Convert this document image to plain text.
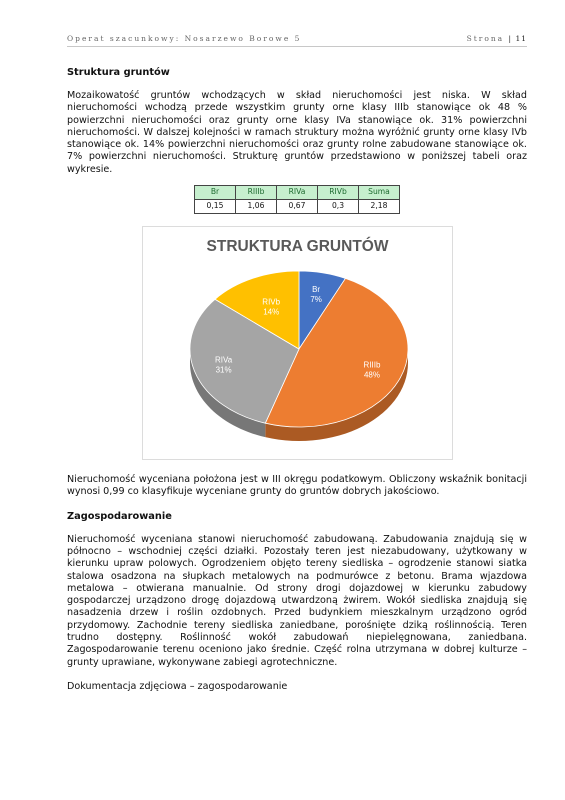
Operat szacunkowy: Nosarzewo Borowe 5	Strona | 11
Struktura gruntów

Mozaikowatość gruntów wchodzących w skład nieruchomości jest niska. W skład nieruchomości wchodzą przede wszystkim grunty orne klasy IIIb stanowiące ok 48 % powierzchni nieruchomości oraz grunty orne klasy IVa stanowiące ok. 31% powierzchni nieruchomości. W dalszej kolejności w ramach struktury można wyróżnić grunty orne klasy IVb stanowiące ok. 14% powierzchni nieruchomości oraz grunty rolne zabudowane stanowiące ok. 7% powierzchni nieruchomości. Strukturę gruntów przedstawiono w poniższej tabeli oraz wykresie.

Br	RIIIb	RIVa	RIVb	Suma
0,15	1,06	0,67	0,3	2,18
STRUKTURA GRUNTÓW
Br
7%
RIIIb
48%
RIVa
31%
RIVb
14%

Nieruchomość wyceniana położona jest w III okręgu podatkowym. Obliczony wskaźnik bonitacji wynosi 0,99 co klasyfikuje wyceniane grunty do gruntów dobrych jakościowo.

Zagospodarowanie

Nieruchomość wyceniana stanowi nieruchomość zabudowaną. Zabudowania znajdują się w północno – wschodniej części działki. Pozostały teren jest niezabudowany, użytkowany w kierunku upraw polowych. Ogrodzeniem objęto tereny siedliska – ogrodzenie stanowi siatka stalowa osadzona na słupkach metalowych na podmurówce z betonu. Brama wjazdowa metalowa – otwierana manualnie. Od strony drogi dojazdowej w kierunku zabudowy gospodarczej urządzono drogę dojazdową utwardzoną żwirem. Wokół siedliska znajdują się nasadzenia drzew i roślin ozdobnych. Przed budynkiem mieszkalnym urządzono ogród przydomowy. Zachodnie tereny siedliska zaniedbane, porośnięte dziką roślinnością. Teren trudno dostępny. Roślinność wokół zabudowań niepielęgnowana, zaniedbana. Zagospodarowanie terenu oceniono jako średnie. Część rolna utrzymana w dobrej kulturze – grunty uprawiane, wykonywane zabiegi agrotechniczne.

Dokumentacja zdjęciowa – zagospodarowanie
